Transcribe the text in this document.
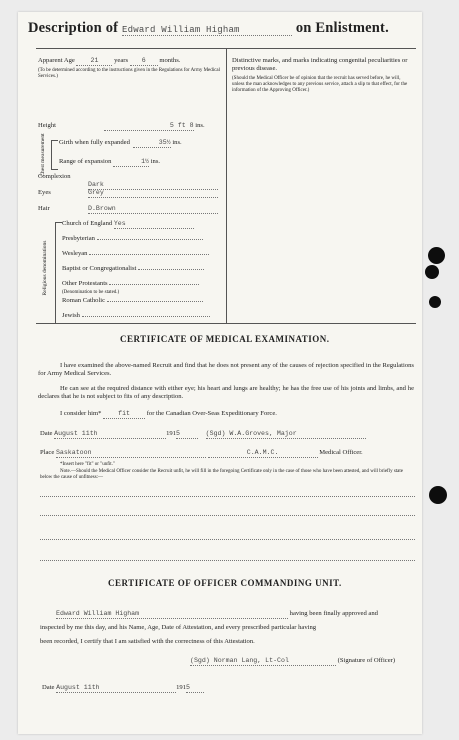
Description of Edward William Higham	on Enlistment.
Apparent Age 21 years 6 months.
(To be determined according to the instructions given in the Regulations for Army Medical Services.)
Height	5 ft 8 ins.
Chest measurement	Girth when fully expanded	35½ ins.
Range of expansion	1½ ins.
Complexion
Dark
Eyes	Grey
Hair	D.Brown
Religious denominations
Church of England Yes
Presbyterian
Wesleyan
Baptist or Congregationalist
Other Protestants
(Denomination to be stated.)
Roman Catholic
Jewish
Distinctive marks, and marks indicating congenital peculiarities or previous disease.
(Should the Medical Officer be of opinion that the recruit has served before, he will, unless the man acknowledges to any previous service, attach a slip to that effect, for the information of the Approving Officer.)
CERTIFICATE OF MEDICAL EXAMINATION.
I have examined the above-named Recruit and find that he does not present any of the causes of rejection specified in the Regulations for Army Medical Services.
He can see at the required distance with either eye; his heart and lungs are healthy; he has the free use of his joints and limbs, and he declares that he is not subject to fits of any description.
I consider him*	fit	for the Canadian Over-Seas Expeditionary Force.
Date August 11th	1915	(Sgd) W.A.Groves, Major
Place Saskatoon	C.A.M.C.	Medical Officer.
*Insert here "fit" or "unfit."
Note.—Should the Medical Officer consider the Recruit unfit, he will fill in the foregoing Certificate only in the case of those who have been attested, and will briefly state below the cause of unfitness:—
CERTIFICATE OF OFFICER COMMANDING UNIT.
Edward William Higham	having been finally approved and
inspected by me this day, and his Name, Age, Date of Attestation, and every prescribed particular having
been recorded, I certify that I am satisfied with the correctness of this Attestation.
(Sgd) Norman Lang, Lt-Col	(Signature of Officer)
Date August 11th	1915
